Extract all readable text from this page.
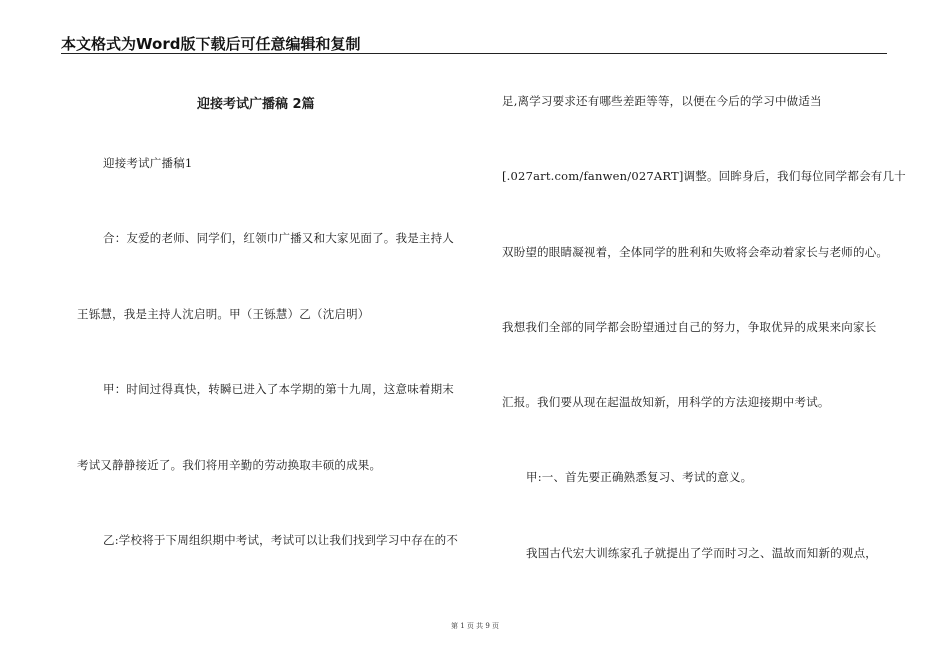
本文格式为Word版下载后可任意编辑和复制
迎接考试广播稿 2篇
迎接考试广播稿1
合：友爱的老师、同学们，红领巾广播又和大家见面了。我是主持人
王铄慧，我是主持人沈启明。甲（王铄慧）乙（沈启明）
甲：时间过得真快，转瞬已进入了本学期的第十九周，这意味着期末
考试又静静接近了。我们将用辛勤的劳动换取丰硕的成果。
乙:学校将于下周组织期中考试，考试可以让我们找到学习中存在的不
足,离学习要求还有哪些差距等等，以便在今后的学习中做适当
[.027art.com/fanwen/027ART]调整。回眸身后，我们每位同学都会有几十
双盼望的眼睛凝视着，全体同学的胜利和失败将会牵动着家长与老师的心。
我想我们全部的同学都会盼望通过自己的努力，争取优异的成果来向家长
汇报。我们要从现在起温故知新，用科学的方法迎接期中考试。
甲:一、首先要正确熟悉复习、考试的意义。
我国古代宏大训练家孔子就提出了学而时习之、温故而知新的观点，
第 1 页 共 9 页
